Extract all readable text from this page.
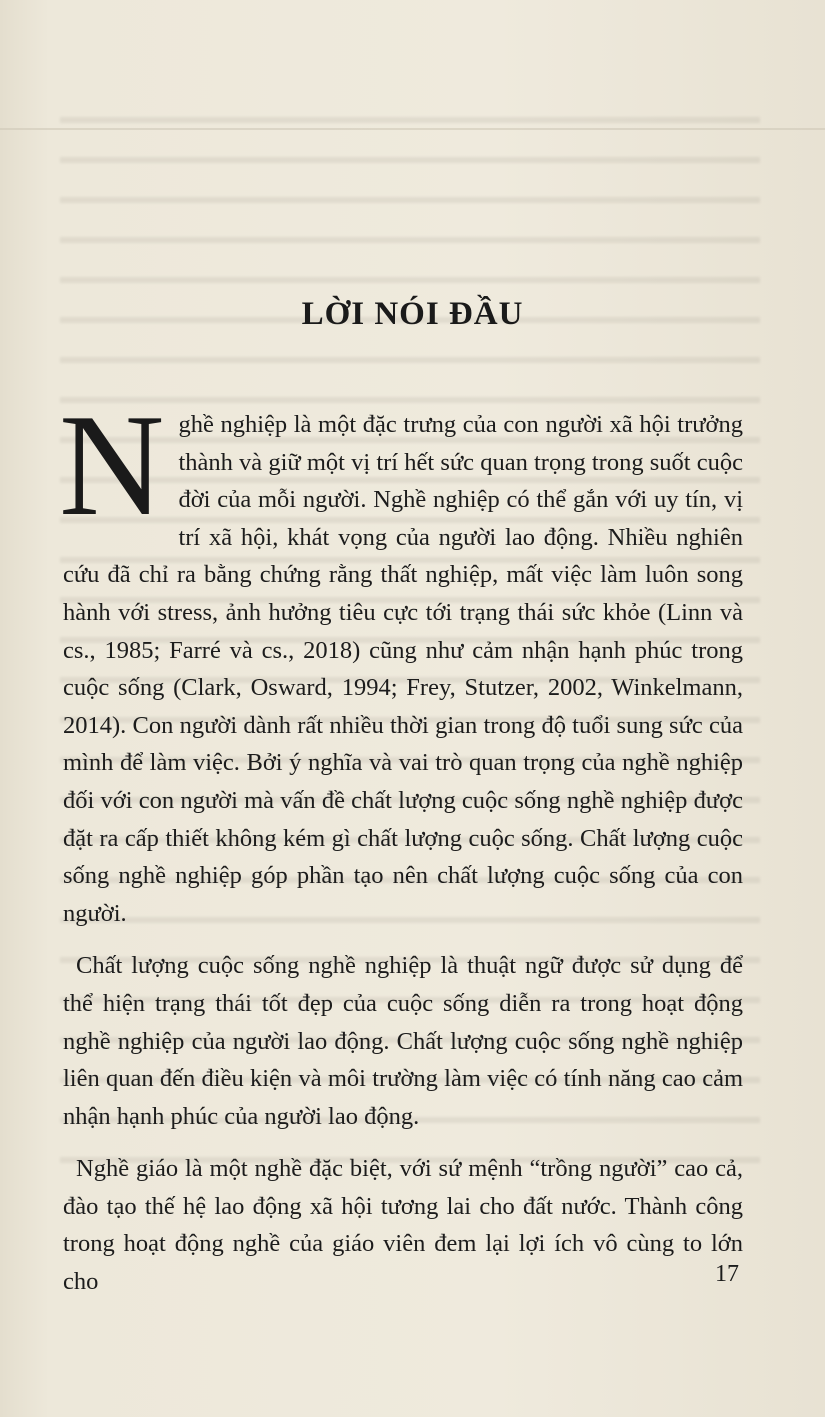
LỜI NÓI ĐẦU

Nghề nghiệp là một đặc trưng của con người xã hội trưởng thành và giữ một vị trí hết sức quan trọng trong suốt cuộc đời của mỗi người. Nghề nghiệp có thể gắn với uy tín, vị trí xã hội, khát vọng của người lao động. Nhiều nghiên cứu đã chỉ ra bằng chứng rằng thất nghiệp, mất việc làm luôn song hành với stress, ảnh hưởng tiêu cực tới trạng thái sức khỏe (Linn và cs., 1985; Farré và cs., 2018) cũng như cảm nhận hạnh phúc trong cuộc sống (Clark, Osward, 1994; Frey, Stutzer, 2002, Winkelmann, 2014). Con người dành rất nhiều thời gian trong độ tuổi sung sức của mình để làm việc. Bởi ý nghĩa và vai trò quan trọng của nghề nghiệp đối với con người mà vấn đề chất lượng cuộc sống nghề nghiệp được đặt ra cấp thiết không kém gì chất lượng cuộc sống. Chất lượng cuộc sống nghề nghiệp góp phần tạo nên chất lượng cuộc sống của con người.

Chất lượng cuộc sống nghề nghiệp là thuật ngữ được sử dụng để thể hiện trạng thái tốt đẹp của cuộc sống diễn ra trong hoạt động nghề nghiệp của người lao động. Chất lượng cuộc sống nghề nghiệp liên quan đến điều kiện và môi trường làm việc có tính năng cao cảm nhận hạnh phúc của người lao động.

Nghề giáo là một nghề đặc biệt, với sứ mệnh “trồng người” cao cả, đào tạo thế hệ lao động xã hội tương lai cho đất nước. Thành công trong hoạt động nghề của giáo viên đem lại lợi ích vô cùng to lớn cho	17
